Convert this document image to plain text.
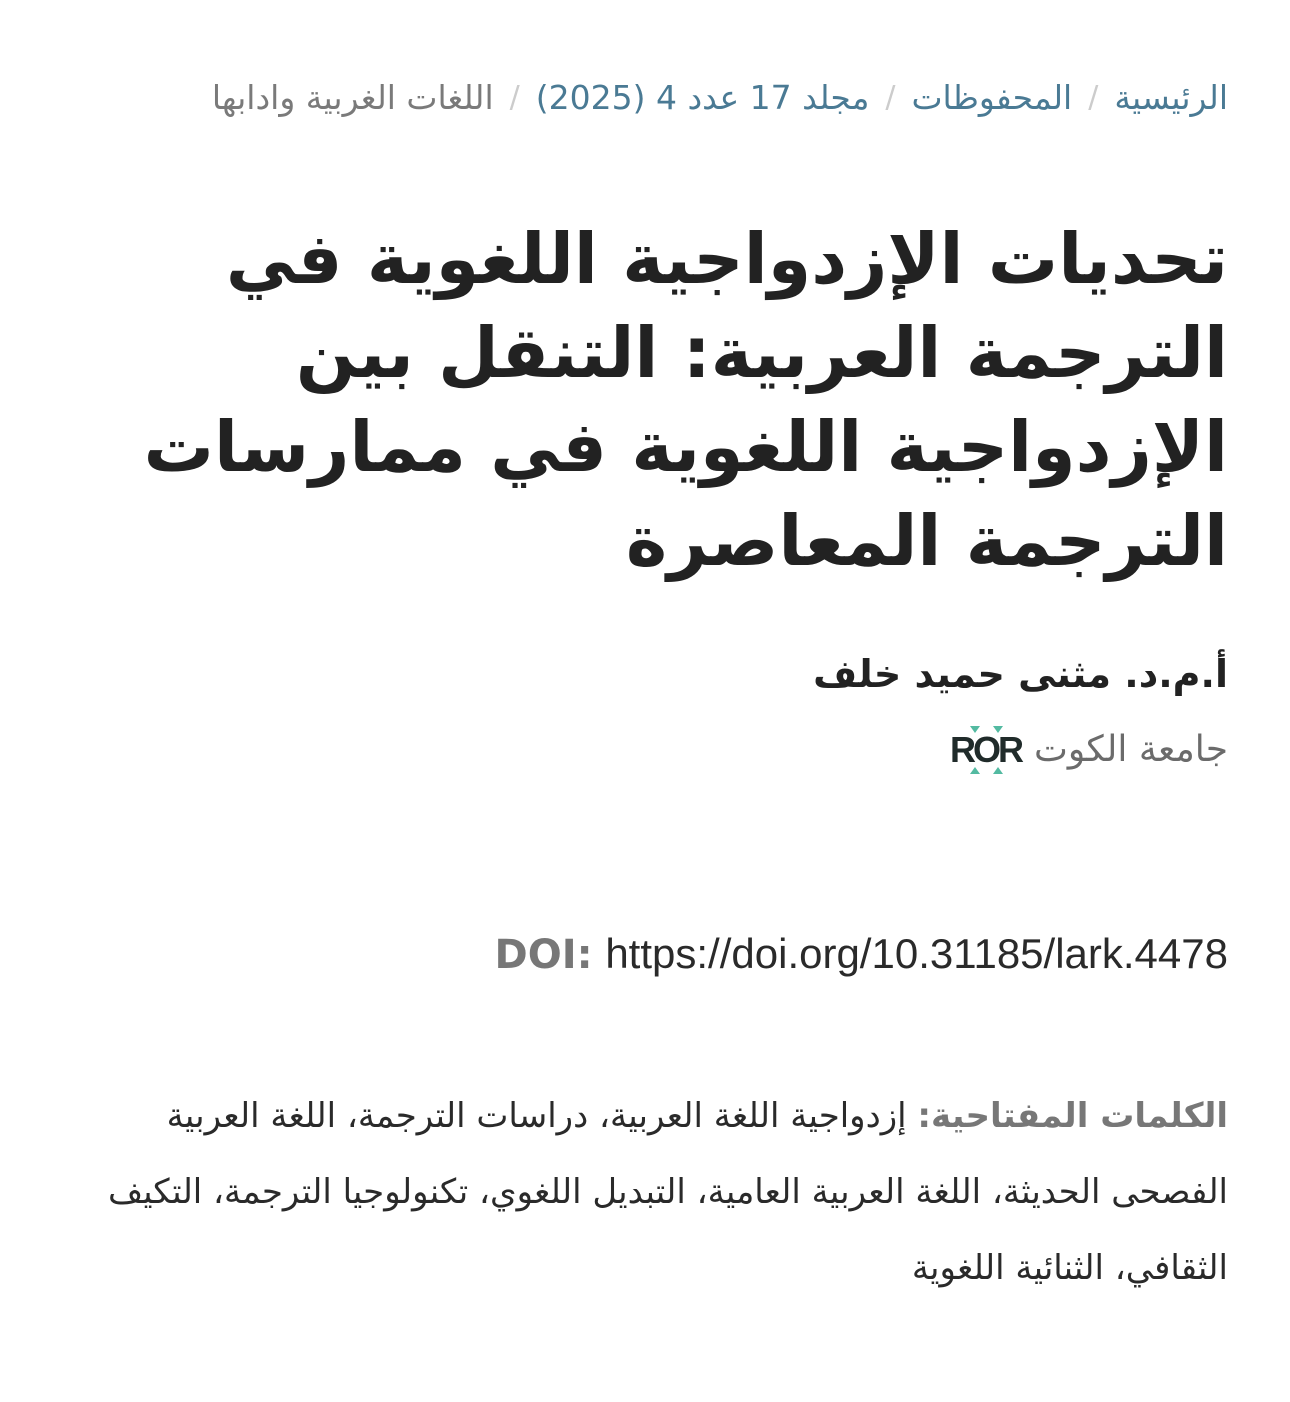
الرئيسية
/
المحفوظات
/
مجلد 17 عدد 4 (2025)
/
اللغات الغربية وادابها
تحديات الإزدواجية اللغوية في الترجمة العربية: التنقل بين الإزدواجية اللغوية في ممارسات الترجمة المعاصرة
أ.م.د. مثنى حميد خلف
جامعة الكوت
ROR
DOI: https://doi.org/10.31185/lark.4478
الكلمات المفتاحية: إزدواجية اللغة العربية، دراسات الترجمة، اللغة العربية الفصحى الحديثة، اللغة العربية العامية، التبديل اللغوي، تكنولوجيا الترجمة، التكيف الثقافي، الثنائية اللغوية
